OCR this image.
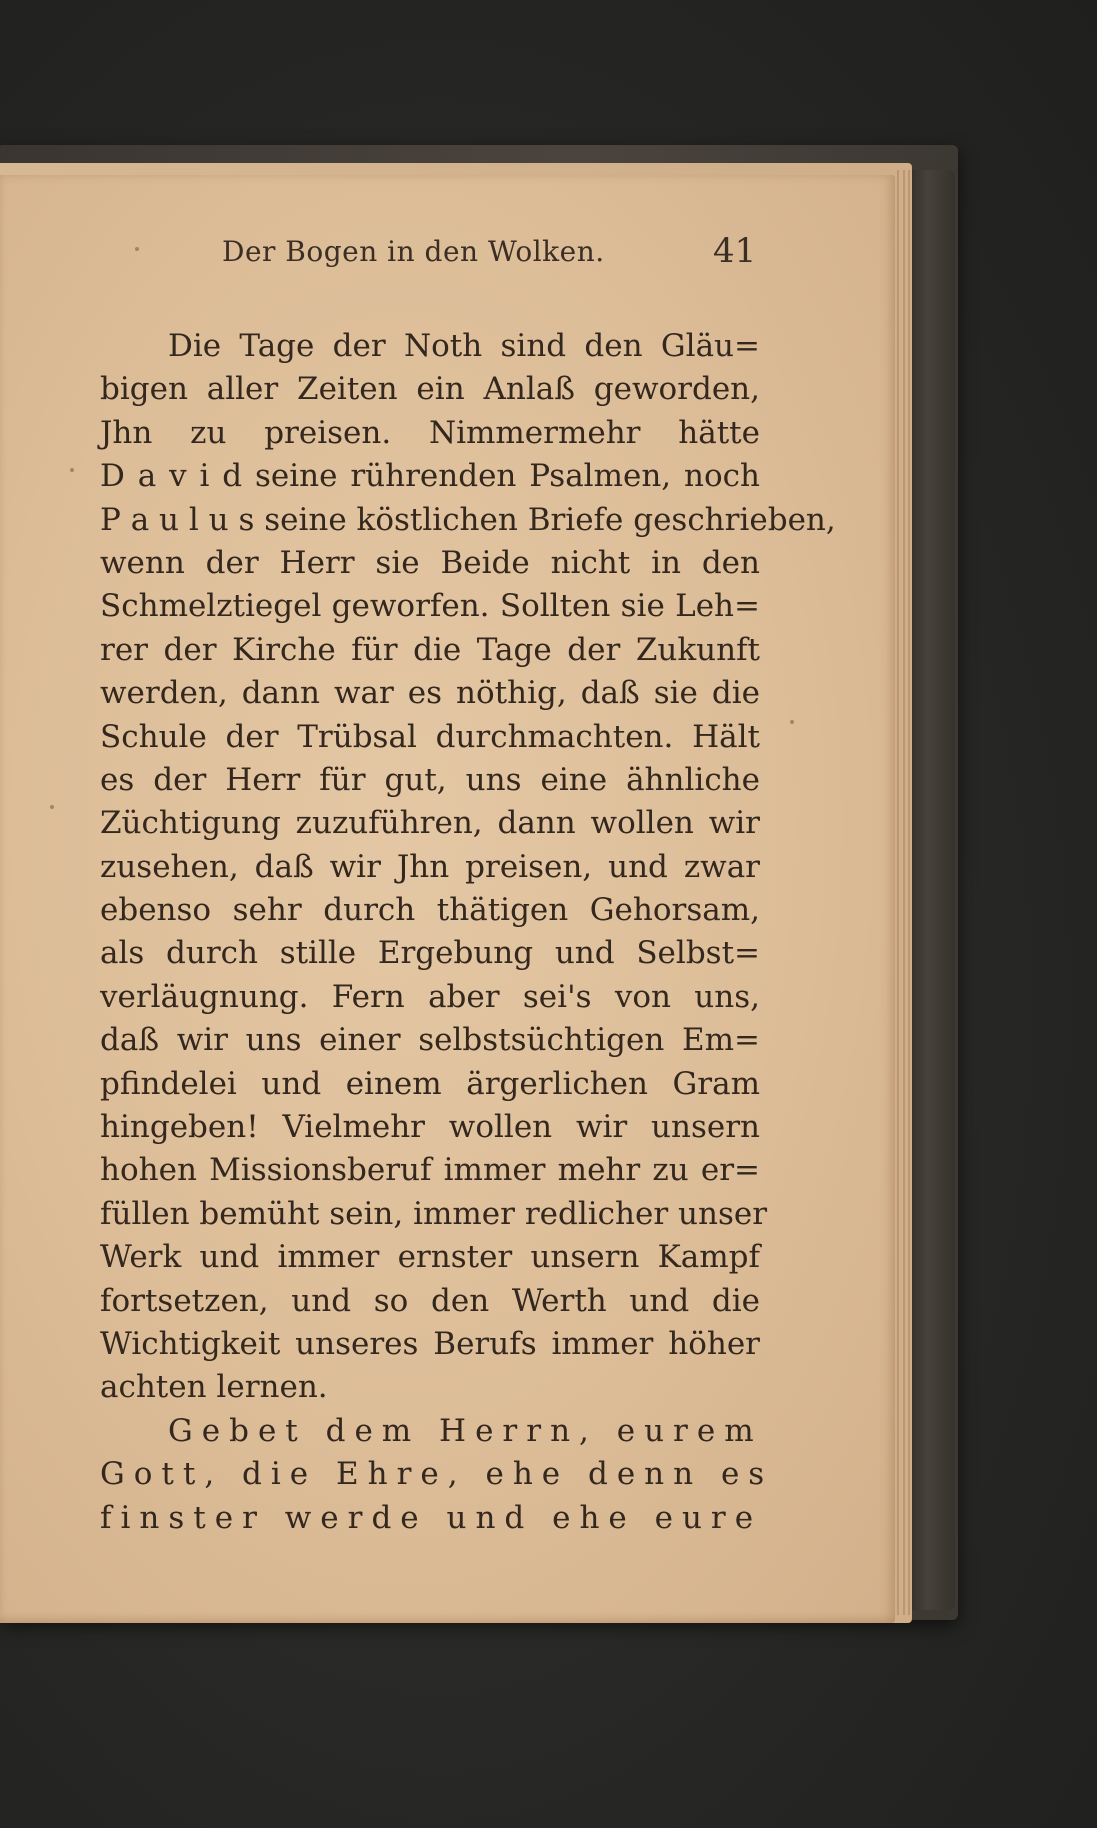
Der Bogen in den Wolken.	41
Die Tage der Noth sind den Gläu=
bigen aller Zeiten ein Anlaß geworden,
Jhn zu preisen. Nimmermehr hätte
D a v i d seine rührenden Psalmen, noch
P a u l u s seine köstlichen Briefe geschrieben,
wenn der Herr sie Beide nicht in den
Schmelztiegel geworfen. Sollten sie Leh=
rer der Kirche für die Tage der Zukunft
werden, dann war es nöthig, daß sie die
Schule der Trübsal durchmachten. Hält
es der Herr für gut, uns eine ähnliche
Züchtigung zuzuführen, dann wollen wir
zusehen, daß wir Jhn preisen, und zwar
ebenso sehr durch thätigen Gehorsam,
als durch stille Ergebung und Selbst=
verläugnung. Fern aber sei's von uns,
daß wir uns einer selbstsüchtigen Em=
pfindelei und einem ärgerlichen Gram
hingeben! Vielmehr wollen wir unsern
hohen Missionsberuf immer mehr zu er=
füllen bemüht sein, immer redlicher unser
Werk und immer ernster unsern Kampf
fortsetzen, und so den Werth und die
Wichtigkeit unseres Berufs immer höher
achten lernen.
Gebet dem Herrn, eurem
Gott, die Ehre, ehe denn es
finster werde und ehe eure
